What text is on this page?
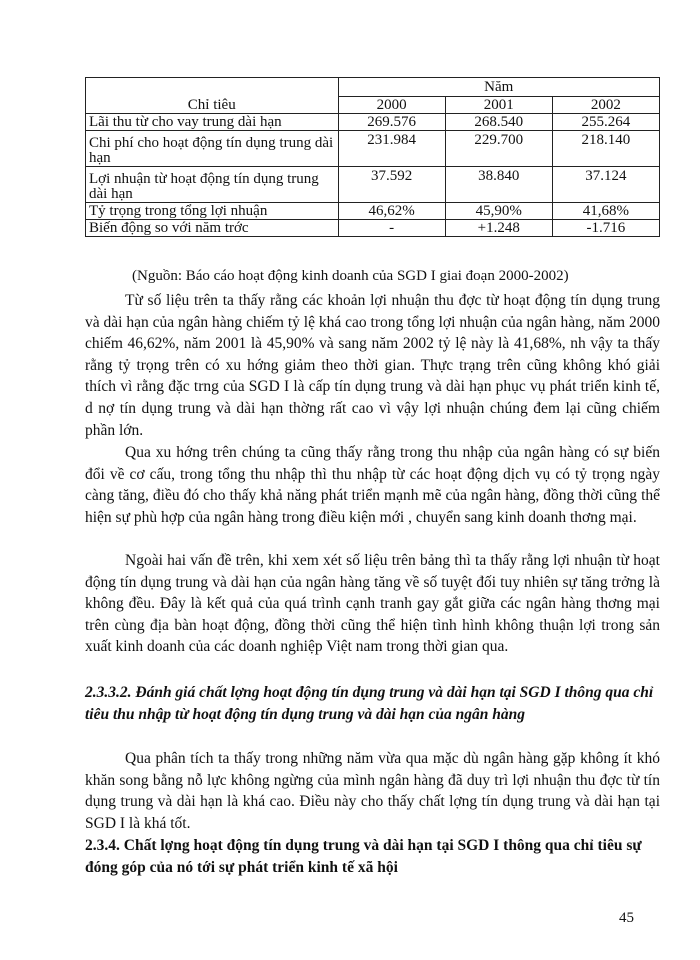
Chỉ tiêu	Năm		
	2000	2001	2002
Lãi thu từ cho vay trung dài hạn	269.576	268.540	255.264
Chi phí cho hoạt động tín dụng trung dài hạn	231.984	229.700	218.140
Lợi nhuận từ hoạt động tín dụng trung dài hạn	37.592	38.840	37.124
Tỷ trọng trong tổng lợi nhuận	46,62%	45,90%	41,68%
Biến động so với năm trớc	-	+1.248	-1.716
(Nguồn: Báo cáo hoạt động kinh doanh của SGD I giai đoạn 2000-2002)

Từ số liệu trên ta thấy rằng các khoản lợi nhuận thu đợc từ hoạt động tín dụng trung và dài hạn của ngân hàng chiếm tỷ lệ khá cao trong tổng lợi nhuận của ngân hàng, năm 2000 chiếm 46,62%, năm 2001 là 45,90% và sang năm 2002 tỷ lệ này là 41,68%, nh vậy ta thấy rằng tỷ trọng trên có xu hớng giảm theo thời gian. Thực trạng trên cũng không khó giải thích vì rằng đặc trng của SGD I là cấp tín dụng trung và dài hạn phục vụ phát triển kinh tế, d nợ tín dụng trung và dài hạn thờng rất cao vì vậy lợi nhuận chúng đem lại cũng chiếm phần lớn.

Qua xu hớng trên chúng ta cũng thấy rằng trong thu nhập của ngân hàng có sự biến đổi về cơ cấu, trong tổng thu nhập thì thu nhập từ các hoạt động dịch vụ có tỷ trọng ngày càng tăng, điều đó cho thấy khả năng phát triển mạnh mẽ của ngân hàng, đồng thời cũng thể hiện sự phù hợp của ngân hàng trong điều kiện mới , chuyển sang kinh doanh thơng mại.

Ngoài hai vấn đề trên, khi xem xét số liệu trên bảng thì ta thấy rằng lợi nhuận từ hoạt động tín dụng trung và dài hạn của ngân hàng tăng về số tuyệt đối tuy nhiên sự tăng trởng là không đều. Đây là kết quả của quá trình cạnh tranh gay gắt giữa các ngân hàng thơng mại trên cùng địa bàn hoạt động, đồng thời cũng thể hiện tình hình không thuận lợi trong sản xuất kinh doanh của các doanh nghiệp Việt nam trong thời gian qua.

2.3.3.2. Đánh giá chất lợng hoạt động tín dụng trung và dài hạn tại SGD I thông qua chỉ tiêu thu nhập từ hoạt động tín dụng trung và dài hạn của ngân hàng

Qua phân tích ta thấy trong những năm vừa qua mặc dù ngân hàng gặp không ít khó khăn song bằng nỗ lực không ngừng của mình ngân hàng đã duy trì lợi nhuận thu đợc từ tín dụng trung và dài hạn là khá cao. Điều này cho thấy chất lợng tín dụng trung và dài hạn tại SGD I là khá tốt.

2.3.4. Chất lợng hoạt động tín dụng trung và dài hạn tại SGD I thông qua chỉ tiêu sự đóng góp của nó tới sự phát triển kinh tế xã hội

45
